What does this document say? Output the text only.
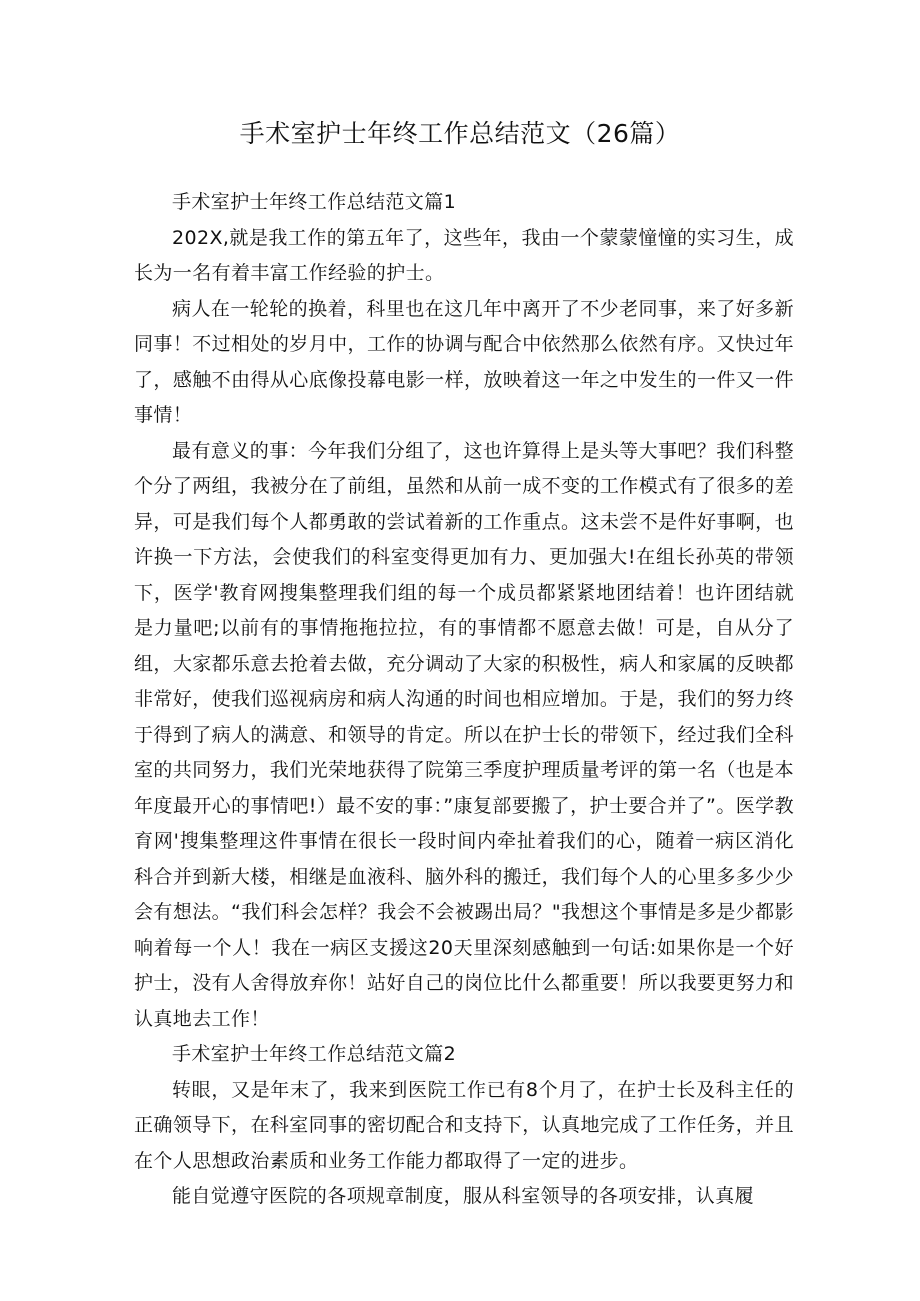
手术室护士年终工作总结范文（26篇）

手术室护士年终工作总结范文篇1

202X,就是我工作的第五年了，这些年，我由一个蒙蒙憧憧的实习生，成长为一名有着丰富工作经验的护士。

病人在一轮轮的换着，科里也在这几年中离开了不少老同事，来了好多新同事！不过相处的岁月中，工作的协调与配合中依然那么依然有序。又快过年了，感触不由得从心底像投幕电影一样，放映着这一年之中发生的一件又一件事情！

最有意义的事：今年我们分组了，这也许算得上是头等大事吧？我们科整个分了两组，我被分在了前组，虽然和从前一成不变的工作模式有了很多的差异，可是我们每个人都勇敢的尝试着新的工作重点。这未尝不是件好事啊，也许换一下方法，会使我们的科室变得更加有力、更加强大!在组长孙英的带领下，医学'教育网搜集整理我们组的每一个成员都紧紧地团结着！也许团结就是力量吧;以前有的事情拖拖拉拉，有的事情都不愿意去做！可是，自从分了组，大家都乐意去抢着去做，充分调动了大家的积极性，病人和家属的反映都非常好，使我们巡视病房和病人沟通的时间也相应增加。于是，我们的努力终于得到了病人的满意、和领导的肯定。所以在护士长的带领下，经过我们全科室的共同努力，我们光荣地获得了院第三季度护理质量考评的第一名（也是本年度最开心的事情吧!）最不安的事：”康复部要搬了，护士要合并了”。医学教育网'搜集整理这件事情在很长一段时间内牵扯着我们的心，随着一病区消化科合并到新大楼，相继是血液科、脑外科的搬迁，我们每个人的心里多多少少会有想法。“我们科会怎样？我会不会被踢出局？"我想这个事情是多是少都影响着每一个人！我在一病区支援这20天里深刻感触到一句话:如果你是一个好护士，没有人舍得放弃你！站好自己的岗位比什么都重要！所以我要更努力和认真地去工作！

手术室护士年终工作总结范文篇2

转眼，又是年末了，我来到医院工作已有8个月了，在护士长及科主任的正确领导下，在科室同事的密切配合和支持下，认真地完成了工作任务，并且在个人思想政治素质和业务工作能力都取得了一定的进步。

能自觉遵守医院的各项规章制度，服从科室领导的各项安排，认真履
